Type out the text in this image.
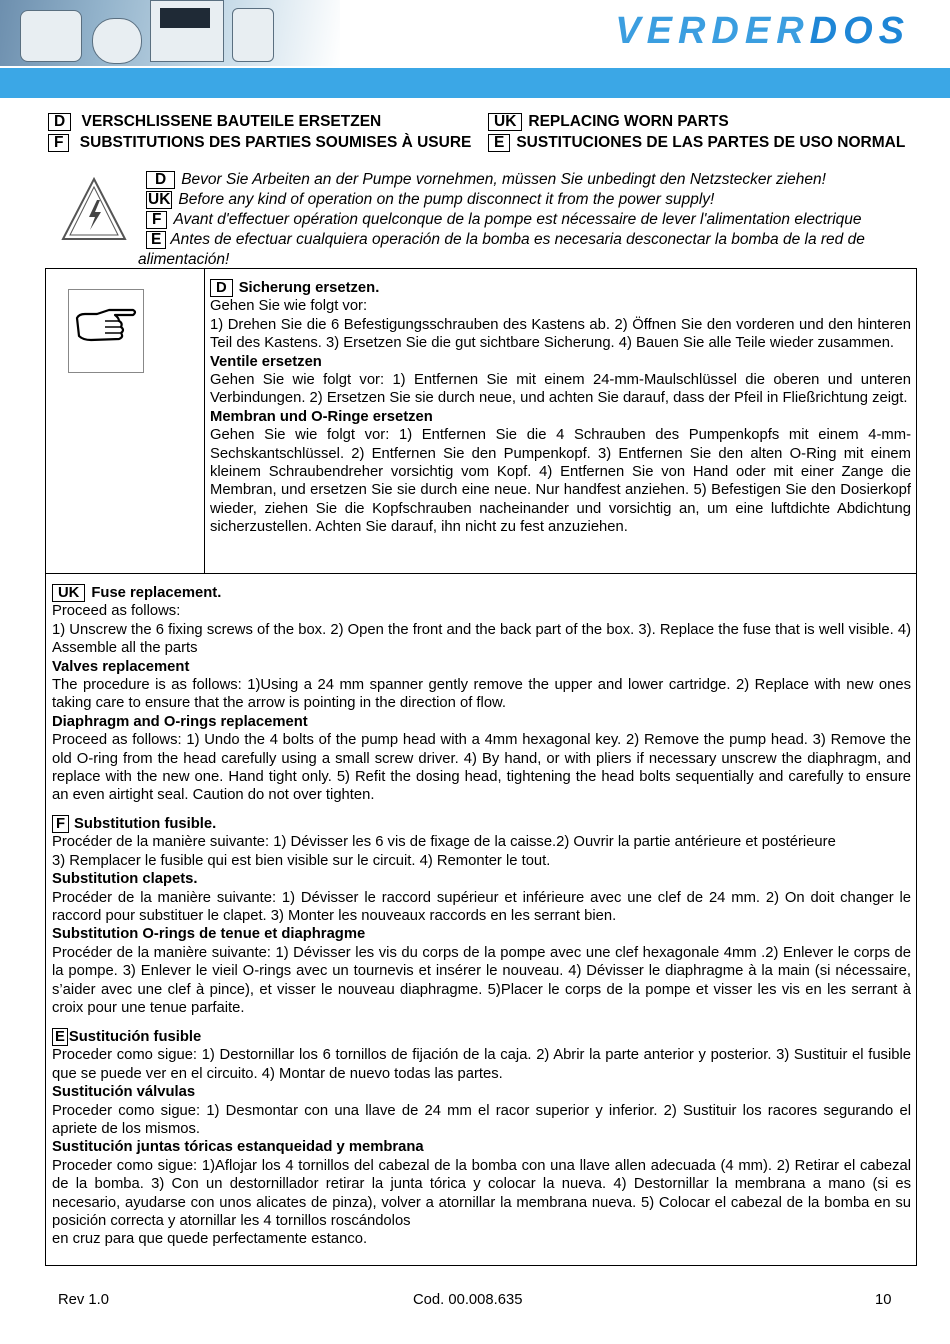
VERDERDOS
D VERSCHLISSENE BAUTEILE ERSETZEN	UK REPLACING WORN PARTS
F SUBSTITUTIONS DES PARTIES SOUMISES À USURE	E SUSTITUCIONES DE LAS PARTES DE USO NORMAL
D Bevor Sie Arbeiten an der Pumpe vornehmen, müssen Sie unbedingt den Netzstecker ziehen!
UK Before any kind of operation on the pump disconnect it from the power supply!
F Avant d'effectuer opération quelconque de la pompe est nécessaire de lever l'alimentation electrique
E Antes de efectuar cualquiera operación de la bomba es necesaria desconectar la bomba de la red de
alimentación!

D Sicherung ersetzen.

Gehen Sie wie folgt vor:

1) Drehen Sie die 6 Befestigungsschrauben des Kastens ab. 2) Öffnen Sie den vorderen und den hinteren Teil des Kastens. 3) Ersetzen Sie die gut sichtbare Sicherung. 4) Bauen Sie alle Teile wieder zusammen.

Ventile ersetzen

Gehen Sie wie folgt vor: 1) Entfernen Sie mit einem 24-mm-Maulschlüssel die oberen und unteren Verbindungen. 2) Ersetzen Sie sie durch neue, und achten Sie darauf, dass der Pfeil in Fließrichtung zeigt.

Membran und O-Ringe ersetzen

Gehen Sie wie folgt vor: 1) Entfernen Sie die 4 Schrauben des Pumpenkopfs mit einem 4-mm-Sechskantschlüssel. 2) Entfernen Sie den Pumpenkopf. 3) Entfernen Sie den alten O-Ring mit einem kleinem Schraubendreher vorsichtig vom Kopf. 4) Entfernen Sie von Hand oder mit einer Zange die Membran, und ersetzen Sie sie durch eine neue. Nur handfest anziehen. 5) Befestigen Sie den Dosierkopf wieder, ziehen Sie die Kopfschrauben nacheinander und vorsichtig an, um eine luftdichte Abdichtung sicherzustellen. Achten Sie darauf, ihn nicht zu fest anzuziehen.

UK Fuse replacement.

Proceed as follows:

1) Unscrew the 6 fixing screws of the box. 2) Open the front and the back part of the box. 3). Replace the fuse that is well visible. 4) Assemble all the parts

Valves replacement

The procedure is as follows: 1)Using a 24 mm spanner gently remove the upper and lower cartridge. 2) Replace with new ones taking care to ensure that the arrow is pointing in the direction of flow.

Diaphragm and O-rings replacement

Proceed as follows: 1) Undo the 4 bolts of the pump head with a 4mm hexagonal key. 2) Remove the pump head. 3) Remove the old O-ring from the head carefully using a small screw driver. 4) By hand, or with pliers if necessary unscrew the diaphragm, and replace with the new one. Hand tight only. 5) Refit the dosing head, tightening the head bolts sequentially and carefully to ensure an even airtight seal. Caution do not over tighten.

F Substitution fusible.

Procéder de la manière suivante: 1) Dévisser les 6 vis de fixage de la caisse.2) Ouvrir la partie antérieure et postérieure

3) Remplacer le fusible qui est bien visible sur le circuit. 4) Remonter le tout.

Substitution clapets.

Procéder de la manière suivante: 1) Dévisser le raccord supérieur et inférieure avec une clef de 24 mm. 2) On doit changer le raccord pour substituer le clapet. 3) Monter les nouveaux raccords en les serrant bien.

Substitution O-rings de tenue et diaphragme

Procéder de la manière suivante: 1) Dévisser les vis du corps de la pompe avec une clef hexagonale 4mm .2) Enlever le corps de la pompe. 3) Enlever le vieil O-rings avec un tournevis et insérer le nouveau. 4) Dévisser le diaphragme à la main (si nécessaire, s’aider avec une clef à pince), et visser le nouveau diaphragme. 5)Placer le corps de la pompe et visser les vis en les serrant à croix pour une tenue parfaite.

E Sustitución fusible

Proceder como sigue: 1) Destornillar los 6 tornillos de fijación de la caja. 2) Abrir la parte anterior y posterior. 3) Sustituir el fusible que se puede ver en el circuito. 4) Montar de nuevo todas las partes.

Sustitución válvulas

Proceder como sigue: 1) Desmontar con una llave de 24 mm el racor superior y inferior. 2) Sustituir los racores segurando el apriete de los mismos.

Sustitución juntas tóricas estanqueidad y membrana

Proceder como sigue: 1)Aflojar los 4 tornillos del cabezal de la bomba con una llave allen adecuada (4 mm). 2) Retirar el cabezal de la bomba. 3) Con un destornillador retirar la junta tórica y colocar la nueva. 4) Destornillar la membrana a mano (si es necesario, ayudarse con unos alicates de pinza), volver a atornillar la membrana nueva. 5) Colocar el cabezal de la bomba en su posición correcta y atornillar les 4 tornillos roscándolos

en cruz para que quede perfectamente estanco.

Rev 1.0	Cod. 00.008.635	10
